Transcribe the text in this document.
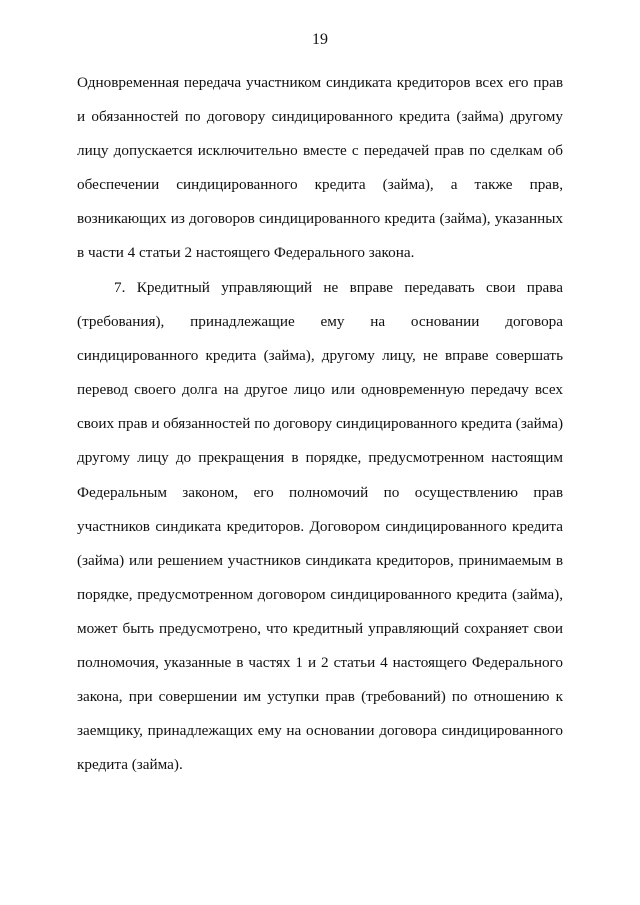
19
Одновременная передача участником синдиката кредиторов всех его прав
и обязанностей по договору синдицированного кредита (займа) другому
лицу допускается исключительно вместе с передачей прав по сделкам об
обеспечении синдицированного кредита (займа), а также прав,
возникающих из договоров синдицированного кредита (займа), указанных
в части 4 статьи 2 настоящего Федерального закона.
7. Кредитный управляющий не вправе передавать свои права
(требования), принадлежащие ему на основании договора
синдицированного кредита (займа), другому лицу, не вправе совершать
перевод своего долга на другое лицо или одновременную передачу всех
своих прав и обязанностей по договору синдицированного кредита (займа)
другому лицу до прекращения в порядке, предусмотренном настоящим
Федеральным законом, его полномочий по осуществлению прав
участников синдиката кредиторов. Договором синдицированного кредита
(займа) или решением участников синдиката кредиторов, принимаемым в
порядке, предусмотренном договором синдицированного кредита (займа),
может быть предусмотрено, что кредитный управляющий сохраняет свои
полномочия, указанные в частях 1 и 2 статьи 4 настоящего Федерального
закона, при совершении им уступки прав (требований) по отношению к
заемщику, принадлежащих ему на основании договора синдицированного
кредита (займа).
